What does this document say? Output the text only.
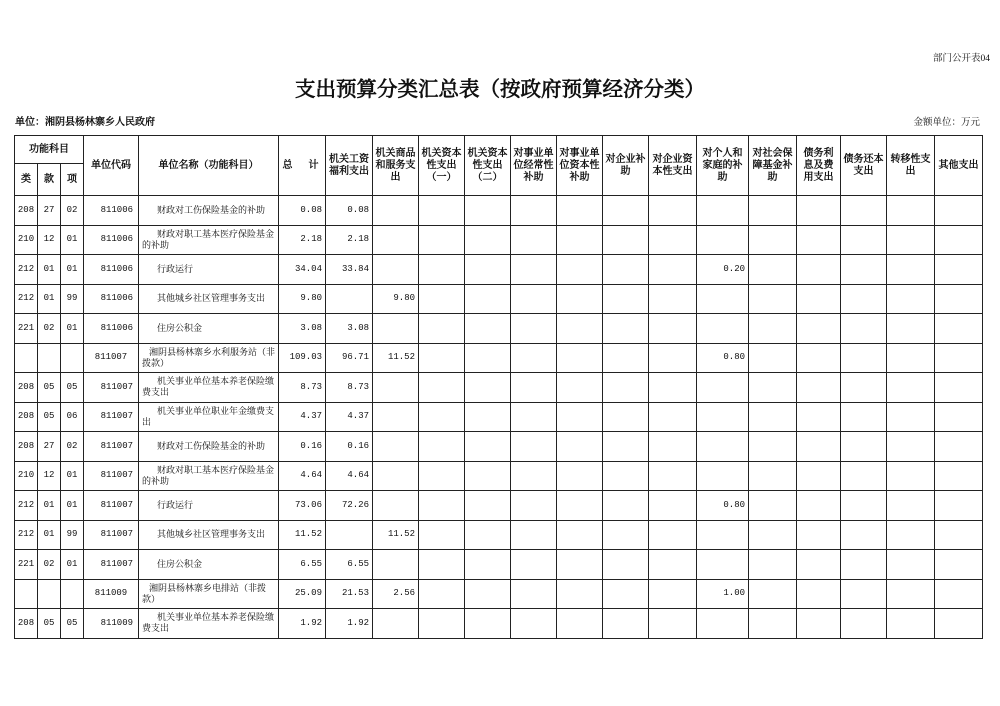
部门公开表04
支出预算分类汇总表（按政府预算经济分类）
单位：湘阴县杨林寨乡人民政府	金额单位：万元
功能科目			单位代码	单位名称（功能科目）	总　计	机关工资福利支出	机关商品和服务支出	机关资本性支出（一）	机关资本性支出（二）	对事业单位经常性补助	对事业单位资本性补助	对企业补助	对企业资本性支出	对个人和家庭的补助	对社会保障基金补助	债务利息及费用支出	债务还本支出	转移性支出	其他支出
类	款	项																	
208	27	02	811006	财政对工伤保险基金的补助	0.08	0.08													
210	12	01	811006	财政对职工基本医疗保险基金的补助	2.18	2.18													
212	01	01	811006	行政运行	34.04	33.84								0.20					
212	01	99	811006	其他城乡社区管理事务支出	9.80		9.80												
221	02	01	811006	住房公积金	3.08	3.08													
			811007	湘阴县杨林寨乡水利服务站（非拨款）	109.03	96.71	11.52							0.80					
208	05	05	811007	机关事业单位基本养老保险缴费支出	8.73	8.73													
208	05	06	811007	机关事业单位职业年金缴费支出	4.37	4.37													
208	27	02	811007	财政对工伤保险基金的补助	0.16	0.16													
210	12	01	811007	财政对职工基本医疗保险基金的补助	4.64	4.64													
212	01	01	811007	行政运行	73.06	72.26								0.80					
212	01	99	811007	其他城乡社区管理事务支出	11.52		11.52												
221	02	01	811007	住房公积金	6.55	6.55													
			811009	湘阴县杨林寨乡电排站（非拨款）	25.09	21.53	2.56							1.00					
208	05	05	811009	机关事业单位基本养老保险缴费支出	1.92	1.92													
